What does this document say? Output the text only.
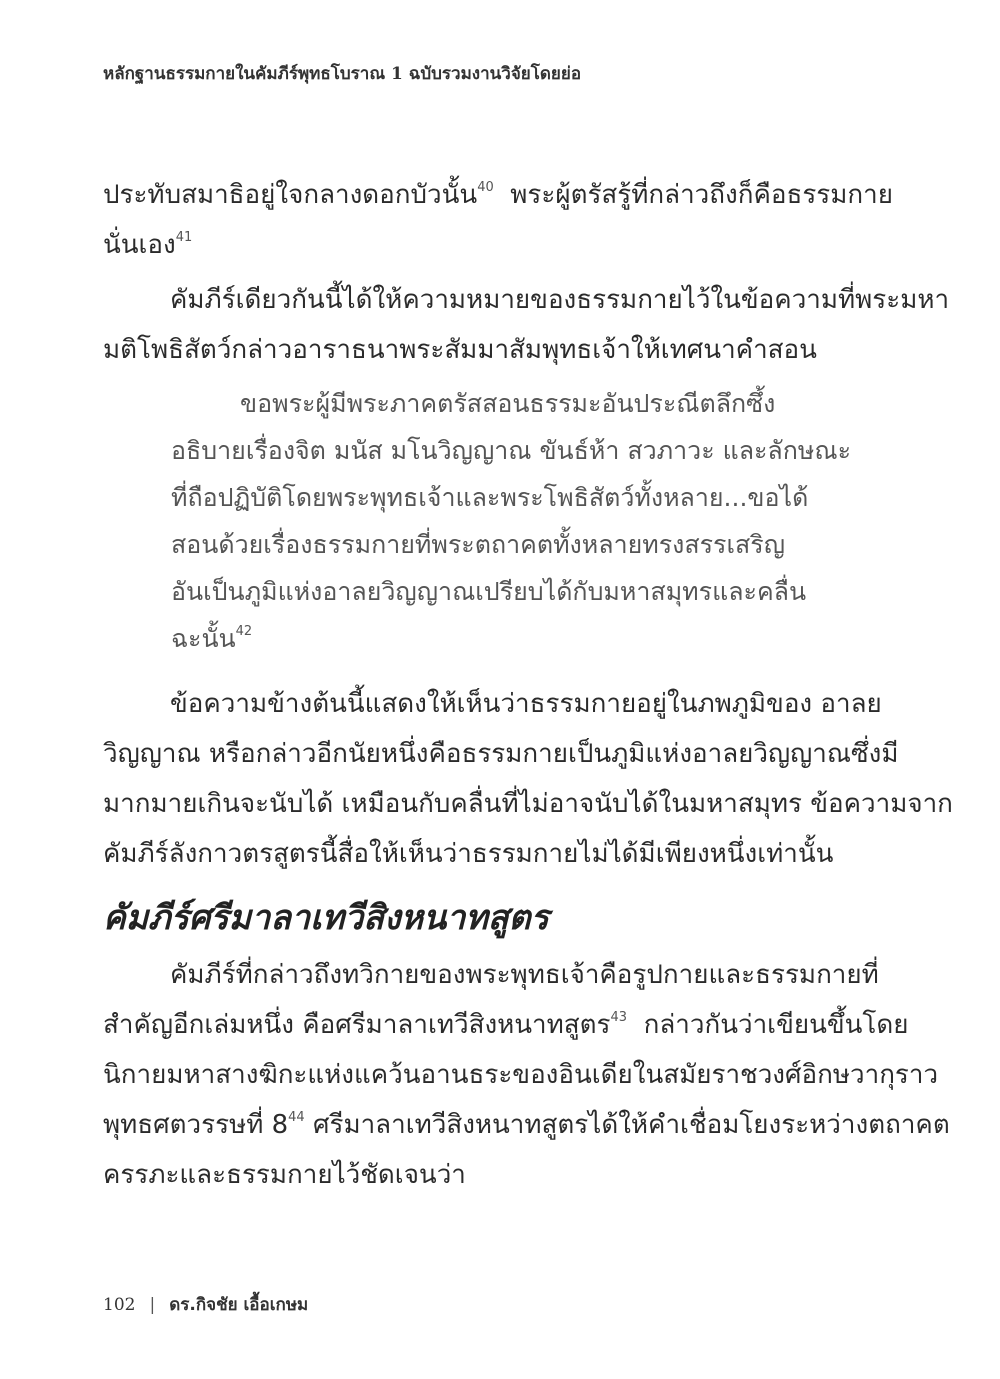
หลักฐานธรรมกายในคัมภีร์พุทธโบราณ 1 ฉบับรวมงานวิจัยโดยย่อ
ประทับสมาธิอยู่ใจกลางดอกบัวนั้น$^{40}$ พระผู้ตรัสรู้ที่กล่าวถึงก็คือธรรมกาย
นั่นเอง$^{41}$
คัมภีร์เดียวกันนี้ได้ให้ความหมายของธรรมกายไว้ในข้อความที่พระมหา
มติโพธิสัตว์กล่าวอาราธนาพระสัมมาสัมพุทธเจ้าให้เทศนาคำสอน
ขอพระผู้มีพระภาคตรัสสอนธรรมะอันประณีตลึกซึ้ง
อธิบายเรื่องจิต มนัส มโนวิญญาณ ขันธ์ห้า สวภาวะ และลักษณะ
ที่ถือปฏิบัติโดยพระพุทธเจ้าและพระโพธิสัตว์ทั้งหลาย...ขอได้
สอนด้วยเรื่องธรรมกายที่พระตถาคตทั้งหลายทรงสรรเสริญ
อันเป็นภูมิแห่งอาลยวิญญาณเปรียบได้กับมหาสมุทรและคลื่น
ฉะนั้น$^{42}$
ข้อความข้างต้นนี้แสดงให้เห็นว่าธรรมกายอยู่ในภพภูมิของ อาลย
วิญญาณ หรือกล่าวอีกนัยหนึ่งคือธรรมกายเป็นภูมิแห่งอาลยวิญญาณซึ่งมี
มากมายเกินจะนับได้ เหมือนกับคลื่นที่ไม่อาจนับได้ในมหาสมุทร ข้อความจาก
คัมภีร์ลังกาวตรสูตรนี้สื่อให้เห็นว่าธรรมกายไม่ได้มีเพียงหนึ่งเท่านั้น
คัมภีร์ศรีมาลาเทวีสิงหนาทสูตร
คัมภีร์ที่กล่าวถึงทวิกายของพระพุทธเจ้าคือรูปกายและธรรมกายที่
สำคัญอีกเล่มหนึ่ง คือศรีมาลาเทวีสิงหนาทสูตร$^{43}$ กล่าวกันว่าเขียนขึ้นโดย
นิกายมหาสางฆิกะแห่งแคว้นอานธระของอินเดียในสมัยราชวงศ์อิกษวากุราว
พุทธศตวรรษที่ $8^{44}$ ศรีมาลาเทวีสิงหนาทสูตรได้ให้คำเชื่อมโยงระหว่างตถาคต
ครรภะและธรรมกายไว้ชัดเจนว่า
102 | ดร.กิจชัย เอื้อเกษม
